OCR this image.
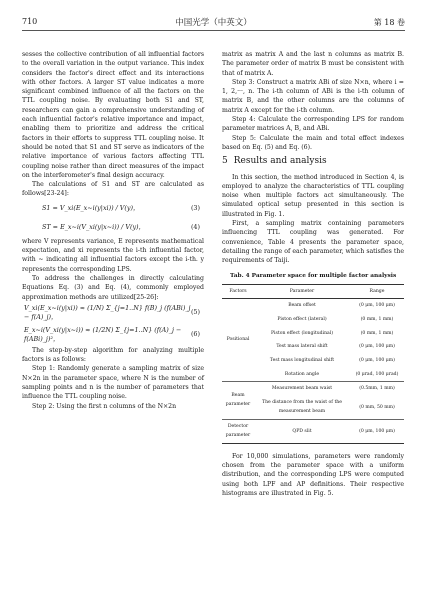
710	中国光学（中英文）	第 18 卷

sesses the collective contribution of all influential factors to the overall variation in the output variance. This index considers the factor's direct effect and its interactions with other factors. A larger ST value indicates a more significant combined influence of all the factors on the TTL coupling noise. By evaluating both S1 and ST, researchers can gain a comprehensive understanding of each influential factor's relative importance and impact, enabling them to prioritize and address the critical factors in their efforts to suppress TTL coupling noise. It should be noted that S1 and ST serve as indicators of the relative importance of various factors affecting TTL coupling noise rather than direct measures of the impact on the interferometer's final design accuracy.

The calculations of S1 and ST are calculated as follows[23-24]:

S1 = V_xi(E_x~i(y|xi)) / V(y)，	(3)
ST = E_x~i(V_xi(y|x~i)) / V(y)，	(4)

where V represents variance, E represents mathematical expectation, and xi represents the i-th influential factor, with ~ indicating all influential factors except the i-th. y represents the corresponding LPS.

To address the challenges in directly calculating Equations Eq. (3) and Eq. (4), commonly employed approximation methods are utilized[25-26]:

V_xi(E_x~i(y|xi)) ≈ (1/N) Σ_{j=1..N} f(B)_j (f(ABi)_j − f(A)_j)，
(5)
E_x~i(V_xi(y|x~i)) ≈ (1/2N) Σ_{j=1..N} (f(A)_j − f(ABi)_j)²，
(6)

The step-by-step algorithm for analyzing multiple factors is as follows:

Step 1: Randomly generate a sampling matrix of size N×2n in the parameter space, where N is the number of sampling points and n is the number of parameters that influence the TTL coupling noise.

Step 2: Using the first n columns of the N×2n

matrix as matrix A and the last n columns as matrix B. The parameter order of matrix B must be consistent with that of matrix A.

Step 3: Construct a matrix ABi of size N×n, where i = 1, 2,···, n. The i-th column of ABi is the i-th column of matrix B, and the other columns are the columns of matrix A except for the i-th column.

Step 4: Calculate the corresponding LPS for random parameter matrices A, B, and ABi.

Step 5: Calculate the main and total effect indexes based on Eq. (5) and Eq. (6).

5 Results and analysis

In this section, the method introduced in Section 4, is employed to analyze the characteristics of TTL coupling noise when multiple factors act simultaneously. The simulated optical setup presented in this section is illustrated in Fig. 1.

First, a sampling matrix containing parameters influencing TTL coupling was generated. For convenience, Table 4 presents the parameter space, detailing the range of each parameter, which satisfies the requirements of Taiji.

Tab. 4 Parameter space for multiple factor analysis
Factors	Parameter	Range
Positional	Beam offset	(0 μm, 100 μm)
	Piston effect (lateral)	(0 mm, 1 mm)
	Piston effect (longitudinal)	(0 mm, 1 mm)
	Test mass lateral shift	(0 μm, 100 μm)
	Test mass longitudinal shift	(0 μm, 100 μm)
	Rotation angle	(0 μrad, 100 μrad)
Beam parameter	Measurement beam waist	(0.5mm, 1 mm)
	The distance from the waist of the measurement beam	(0 mm, 50 mm)
Detector parameter	QPD slit	(0 μm, 100 μm)

For 10,000 simulations, parameters were randomly chosen from the parameter space with a uniform distribution, and the corresponding LPS were computed using both LPF and AP definitions. Their respective histograms are illustrated in Fig. 5.
